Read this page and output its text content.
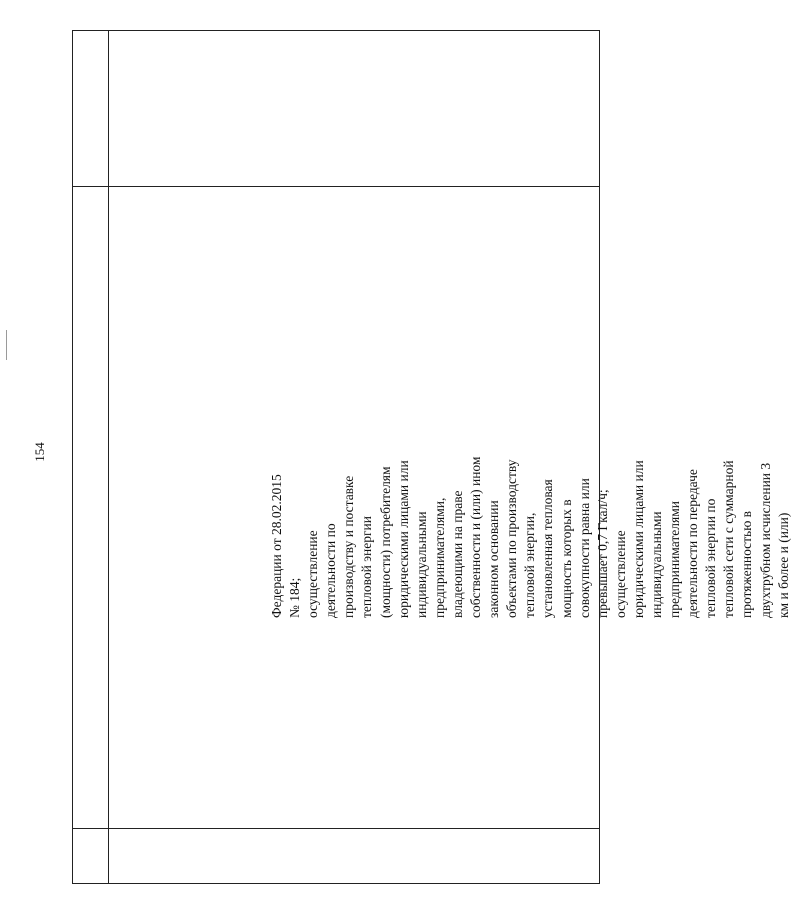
154
Федерации от 28.02.2015 № 184; осуществление деятельности по производству и поставке тепловой энергии (мощности) потребителям юридическими лицами или индивидуальными предпринимателями, владеющими на праве собственности и (или) ином законном основании объектами по производству тепловой энергии, установленная тепловая мощность которых в совокупности равна или превышает 0,7 Гкал/ч; осуществление юридическими лицами или индивидуальными предпринимателями деятельности по передаче тепловой энергии по тепловой сети с суммарной протяженностью в двухтрубном исчислении 3 км и более и (или)
